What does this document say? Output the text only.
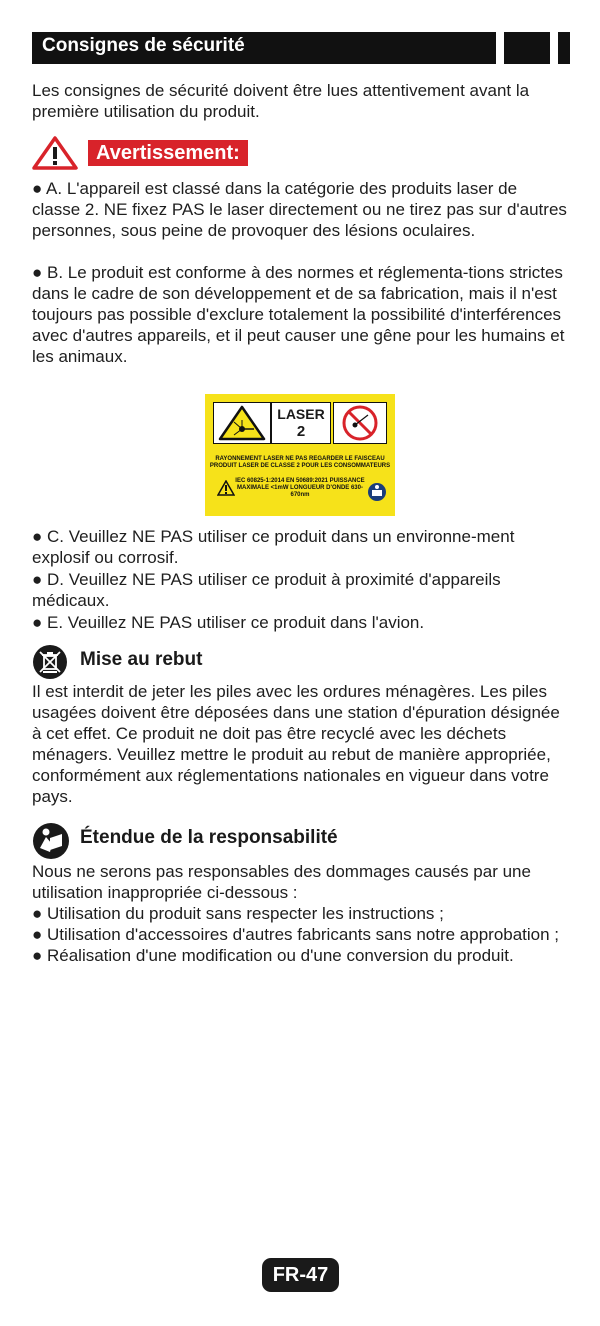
Consignes de sécurité
Les consignes de sécurité doivent être lues attentivement avant la première utilisation du produit.
Avertissement:
● A. L'appareil est classé dans la catégorie des produits laser de classe 2. NE fixez PAS le laser directement ou ne tirez pas sur d'autres personnes, sous peine de provoquer des lésions oculaires.
● B. Le produit est conforme à des normes et réglementa-tions strictes dans le cadre de son développement et de sa fabrication, mais il n'est toujours pas possible d'exclure totalement la possibilité d'interférences avec d'autres appareils, et il peut causer une gêne pour les humains et les animaux.
LASER
2
RAYONNEMENT LASER NE PAS REGARDER LE FAISCEAU PRODUIT LASER DE CLASSE 2 POUR LES CONSOMMATEURS
IEC 60825-1:2014 EN 50689:2021 PUISSANCE MAXIMALE <1mW LONGUEUR D'ONDE 630-670nm
● C. Veuillez NE PAS utiliser ce produit dans un environne-ment explosif ou corrosif.
● D. Veuillez NE PAS utiliser ce produit à proximité d'appareils médicaux.
● E. Veuillez NE PAS utiliser ce produit dans l'avion.
Mise au rebut
Il est interdit de jeter les piles avec les ordures ménagères. Les piles usagées doivent être déposées dans une station d'épuration désignée à cet effet. Ce produit ne doit pas être recyclé avec les déchets ménagers. Veuillez mettre le produit au rebut de manière appropriée, conformément aux réglementations nationales en vigueur dans votre pays.
Étendue de la responsabilité
Nous ne serons pas responsables des dommages causés par une utilisation inappropriée ci-dessous :
● Utilisation du produit sans respecter les instructions ;
● Utilisation d'accessoires d'autres fabricants sans notre approbation ;
● Réalisation d'une modification ou d'une conversion du produit.
FR-47
